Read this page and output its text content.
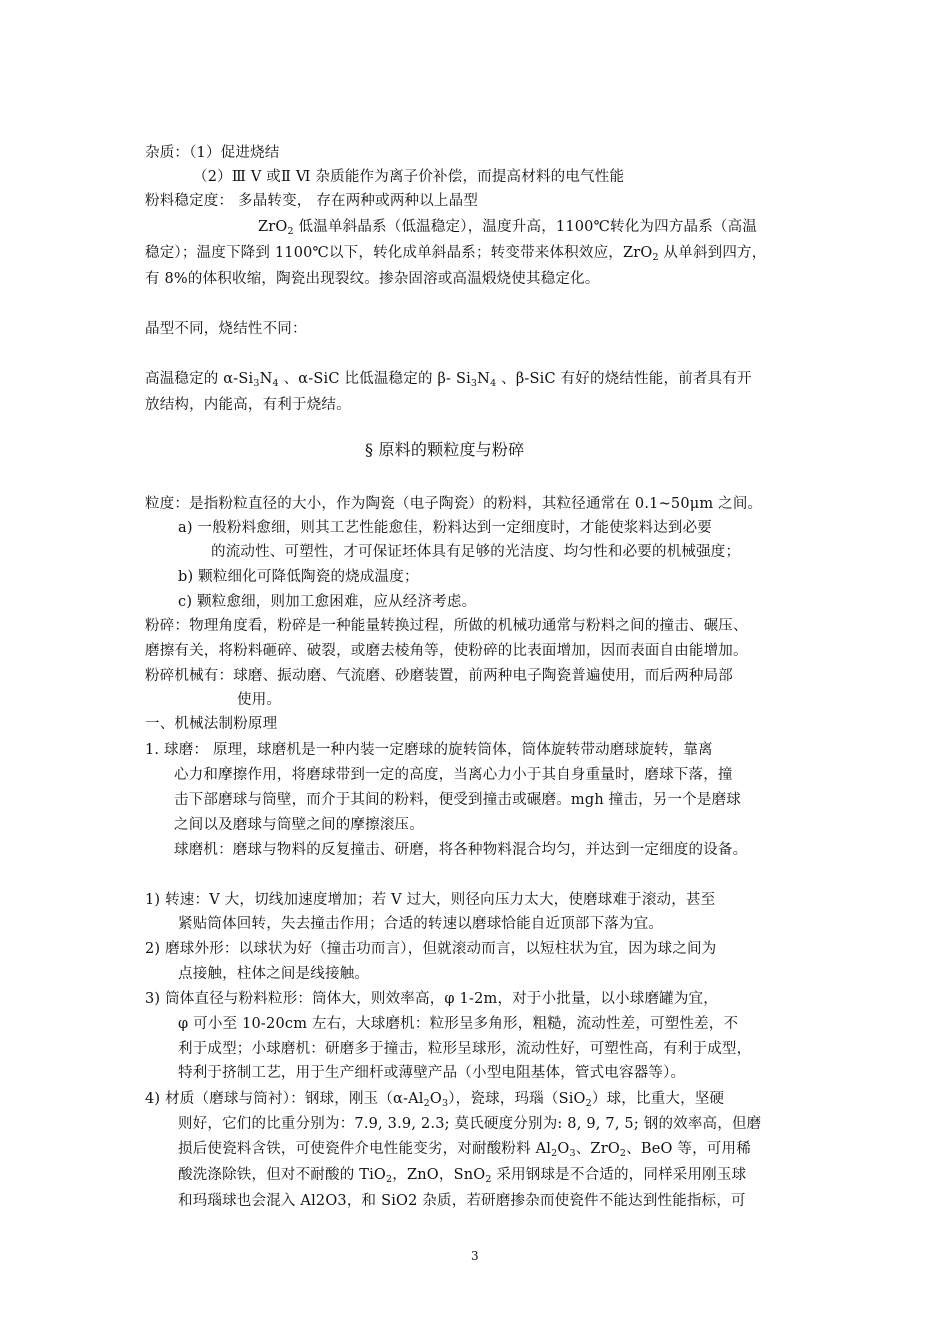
杂质：（1）促进烧结
（2）Ⅲ Ⅴ 或Ⅱ Ⅵ 杂质能作为离子价补偿，而提高材料的电气性能
粉料稳定度： 多晶转变， 存在两种或两种以上晶型
ZrO$_2$ 低温单斜晶系（低温稳定），温度升高，1100℃转化为四方晶系（高温
稳定）；温度下降到 1100℃以下，转化成单斜晶系；转变带来体积效应，ZrO$_2$ 从单斜到四方，
有 8%的体积收缩，陶瓷出现裂纹。掺杂固溶或高温煅烧使其稳定化。
晶型不同，烧结性不同：
高温稳定的 $\alpha-Si_3N_4$ 、α-SiC 比低温稳定的 β- $Si_3N_4$ 、β-SiC 有好的烧结性能，前者具有开
放结构，内能高，有利于烧结。
§ 原料的颗粒度与粉碎
粒度：是指粉粒直径的大小，作为陶瓷（电子陶瓷）的粉料，其粒径通常在 0.1~50μm 之间。
a) 一般粉料愈细，则其工艺性能愈佳，粉料达到一定细度时，才能使浆料达到必要
的流动性、可塑性，才可保证坯体具有足够的光洁度、均匀性和必要的机械强度；
b) 颗粒细化可降低陶瓷的烧成温度；
c) 颗粒愈细，则加工愈困难，应从经济考虑。
粉碎：物理角度看，粉碎是一种能量转换过程，所做的机械功通常与粉料之间的撞击、碾压、
磨擦有关，将粉料砸碎、破裂，或磨去棱角等，使粉碎的比表面增加，因而表面自由能增加。
粉碎机械有：球磨、振动磨、气流磨、砂磨装置，前两种电子陶瓷普遍使用，而后两种局部
使用。
一、机械法制粉原理
1. 球磨： 原理，球磨机是一种内装一定磨球的旋转筒体，筒体旋转带动磨球旋转，靠离
心力和摩擦作用，将磨球带到一定的高度，当离心力小于其自身重量时，磨球下落，撞
击下部磨球与筒壁，而介于其间的粉料，便受到撞击或碾磨。mgh 撞击，另一个是磨球
之间以及磨球与筒壁之间的摩擦滚压。
球磨机：磨球与物料的反复撞击、研磨，将各种物料混合均匀，并达到一定细度的设备。
1) 转速：V 大，切线加速度增加；若 V 过大，则径向压力太大，使磨球难于滚动，甚至
紧贴筒体回转，失去撞击作用；合适的转速以磨球恰能自近顶部下落为宜。
2) 磨球外形：以球状为好（撞击功而言），但就滚动而言，以短柱状为宜，因为球之间为
点接触，柱体之间是线接触。
3) 筒体直径与粉料粒形：筒体大，则效率高，φ 1-2m，对于小批量，以小球磨罐为宜，
φ 可小至 10-20cm 左右，大球磨机：粒形呈多角形，粗糙，流动性差，可塑性差，不
利于成型；小球磨机：研磨多于撞击，粒形呈球形，流动性好，可塑性高，有利于成型，
特利于挤制工艺，用于生产细杆或薄壁产品（小型电阻基体，管式电容器等）。
4) 材质（磨球与筒衬）：钢球，刚玉$(\alpha-Al_2O_3)$，瓷球，玛瑙（SiO$_2$）球，比重大，坚硬
则好，它们的比重分别为：7.9, 3.9, 2.3; 莫氏硬度分别为: 8, 9, 7, 5; 钢的效率高，但磨
损后使瓷料含铁，可使瓷件介电性能变劣，对耐酸粉料 $Al_2O_3$、ZrO$_2$、BeO 等，可用稀
酸洗涤除铁，但对不耐酸的 TiO$_2$，ZnO，SnO$_2$ 采用钢球是不合适的，同样采用刚玉球
和玛瑙球也会混入 Al2O3，和 SiO2 杂质，若研磨掺杂而使瓷件不能达到性能指标，可
3
